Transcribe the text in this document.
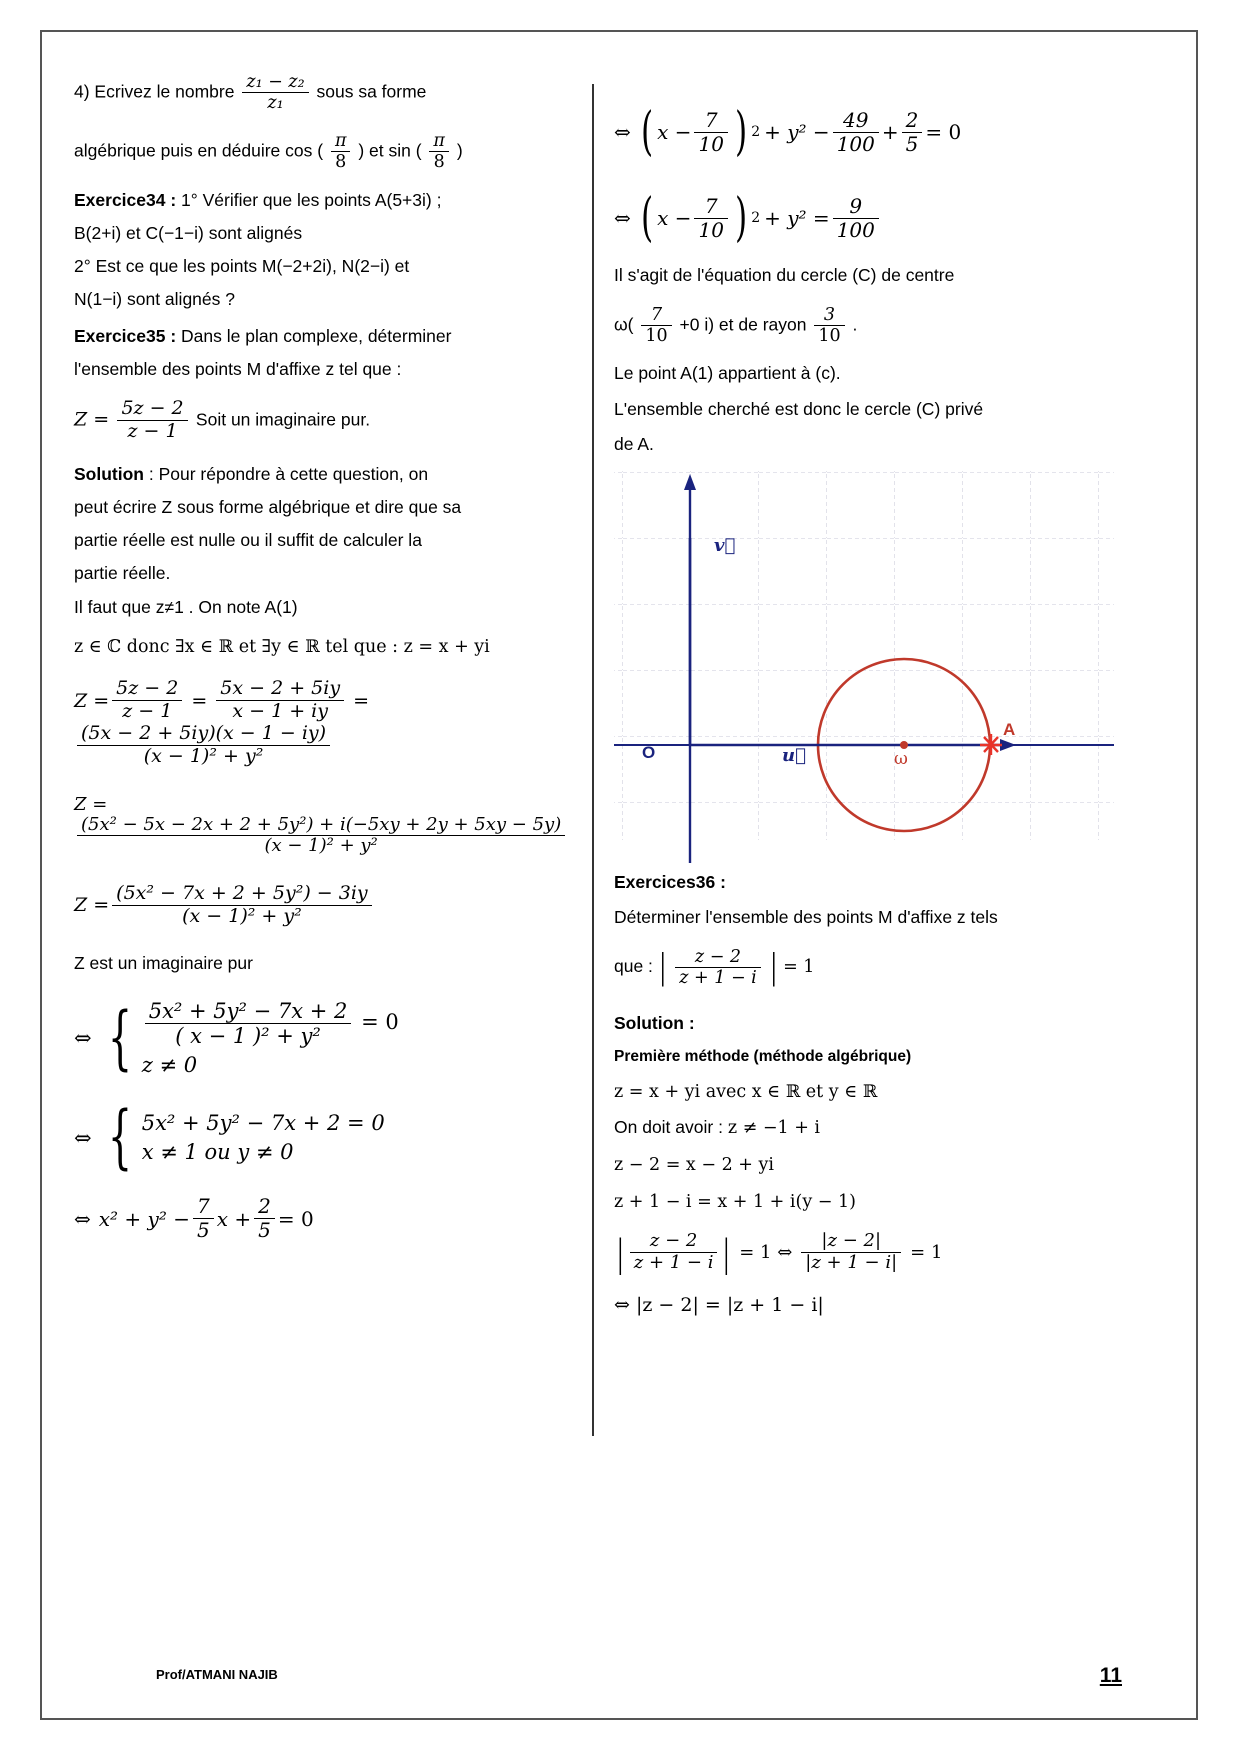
4) Ecrivez le nombre $\frac{\text{z₁ − z₂}}{\text{z₁}}$ sous sa forme

algébrique puis en déduire cos ( $\frac{\pi}{8}$ ) et sin ( $\frac{\pi}{8}$ )

Exercice34 : 1° Vérifier que les points A(5+3i) ;

B(2+i) et C(−1−i) sont alignés

2° Est ce que les points M(−2+2i), N(2−i) et

N(1−i) sont alignés ?

Exercice35 : Dans le plan complexe, déterminer

l'ensemble des points M d'affixe z tel que :

$Z = \frac{5z - 2}{z - 1}$ Soit un imaginaire pur.

Solution : Pour répondre à cette question, on

peut écrire Z sous forme algébrique et dire que sa

partie réelle est nulle ou il suffit de calculer la

partie réelle.

Il faut que z≠1 . On note A(1)

z ∈ ℂ donc ∃x ∈ ℝ et ∃y ∈ ℝ tel que : z = x + yi

$Z = \frac{5z - 2}{z - 1} = \frac{5x - 2 + 5iy}{x - 1 + iy}$ =
$\frac{(5x - 2 + 5iy)(x - 1 - iy)}{\text{(x − 1)² + y²}}$
Z =
$\frac{\text{(5x² − 5x − 2x + 2 + 5y²) + i(−5xy + 2y + 5xy − 5y)}}{\text{(x − 1)² + y²}}$
$Z = \frac{\text{(5x² − 7x + 2 + 5y²) − 3iy}}{\text{(x − 1)² + y²}}$

Z est un imaginaire pur

⇔ { $\frac{\text{5x² + 5y² − 7x + 2}}{\text{( x − 1 )² + y²}} = 0$
z ≠ 0
⇔ { 5x² + 5y² − 7x + 2 = 0
x ≠ 1 ou y ≠ 0
⇔ $x^2 + y^2 - \frac{7}{5}$ $x + \frac{2}{5} = 0$
⇔ ( $x - \frac{7}{10}$ ) $2 + y^2 - \frac{49}{100} + \frac{2}{5} = 0$
⇔ ( $x - \frac{7}{10}$ ) $2 + y^2 = \frac{9}{100}$

Il s'agit de l'équation du cercle (C) de centre

$\omega( \frac{7}{10} +0$ i) et de rayon $\frac{3}{10}$ .

Le point A(1) appartient à (c).

L'ensemble cherché est donc le cercle (C) privé

de A.

O	u⃗
v⃗
ω
A

Exercices36 :

Déterminer l'ensemble des points M d'affixe z tels

que : | $\frac{z - 2}{z + 1 - i}$ | = 1

Solution :

Première méthode (méthode algébrique)

z = x + yi avec x ∈ ℝ et y ∈ ℝ

On doit avoir : z ≠ −1 + i

z − 2 = x − 2 + yi

z + 1 − i = x + 1 + i(y − 1)

| $\frac{z - 2}{z + 1 - i}$ | = 1 ⇔ $\frac{|z - 2|}{|z + 1 - i|} = 1$

⇔ |z − 2| = |z + 1 − i|

Prof/ATMANI NAJIB	11
